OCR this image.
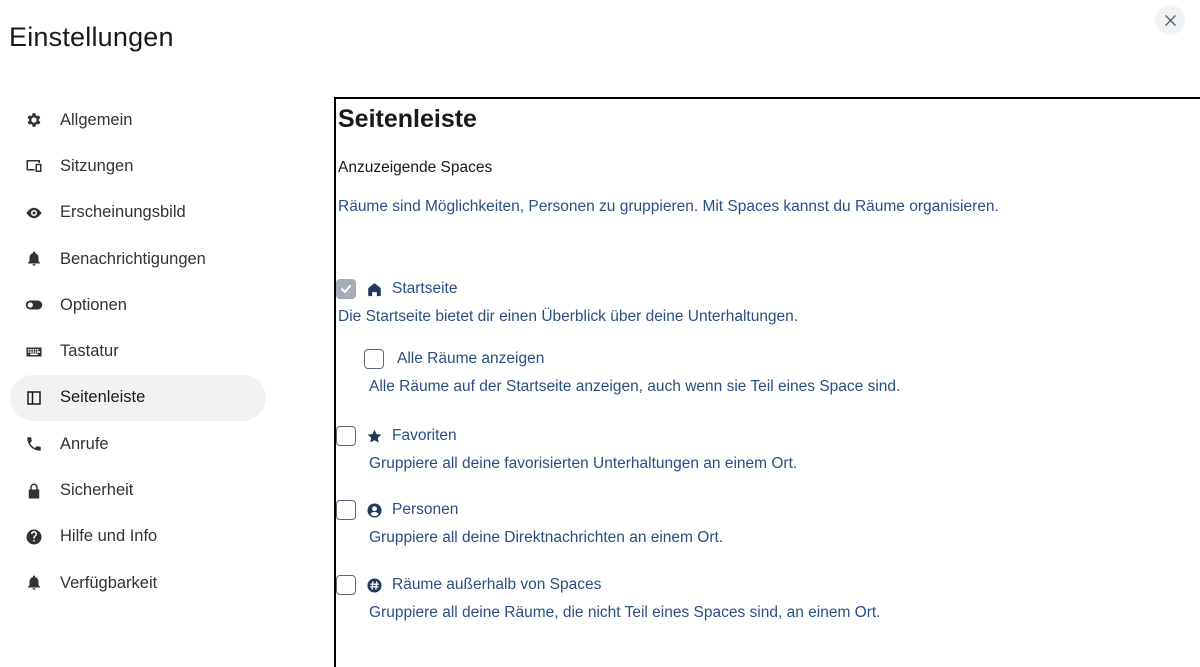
Einstellungen
Allgemein
Sitzungen
Erscheinungsbild
Benachrichtigungen
Optionen
Tastatur
Seitenleiste
Anrufe
Sicherheit
Hilfe und Info
Verfügbarkeit
Seitenleiste
Anzuzeigende Spaces
Räume sind Möglichkeiten, Personen zu gruppieren. Mit Spaces kannst du Räume organisieren.
Startseite
Die Startseite bietet dir einen Überblick über deine Unterhaltungen.
Alle Räume anzeigen
Alle Räume auf der Startseite anzeigen, auch wenn sie Teil eines Space sind.
Favoriten
Gruppiere all deine favorisierten Unterhaltungen an einem Ort.
Personen
Gruppiere all deine Direktnachrichten an einem Ort.
Räume außerhalb von Spaces
Gruppiere all deine Räume, die nicht Teil eines Spaces sind, an einem Ort.
